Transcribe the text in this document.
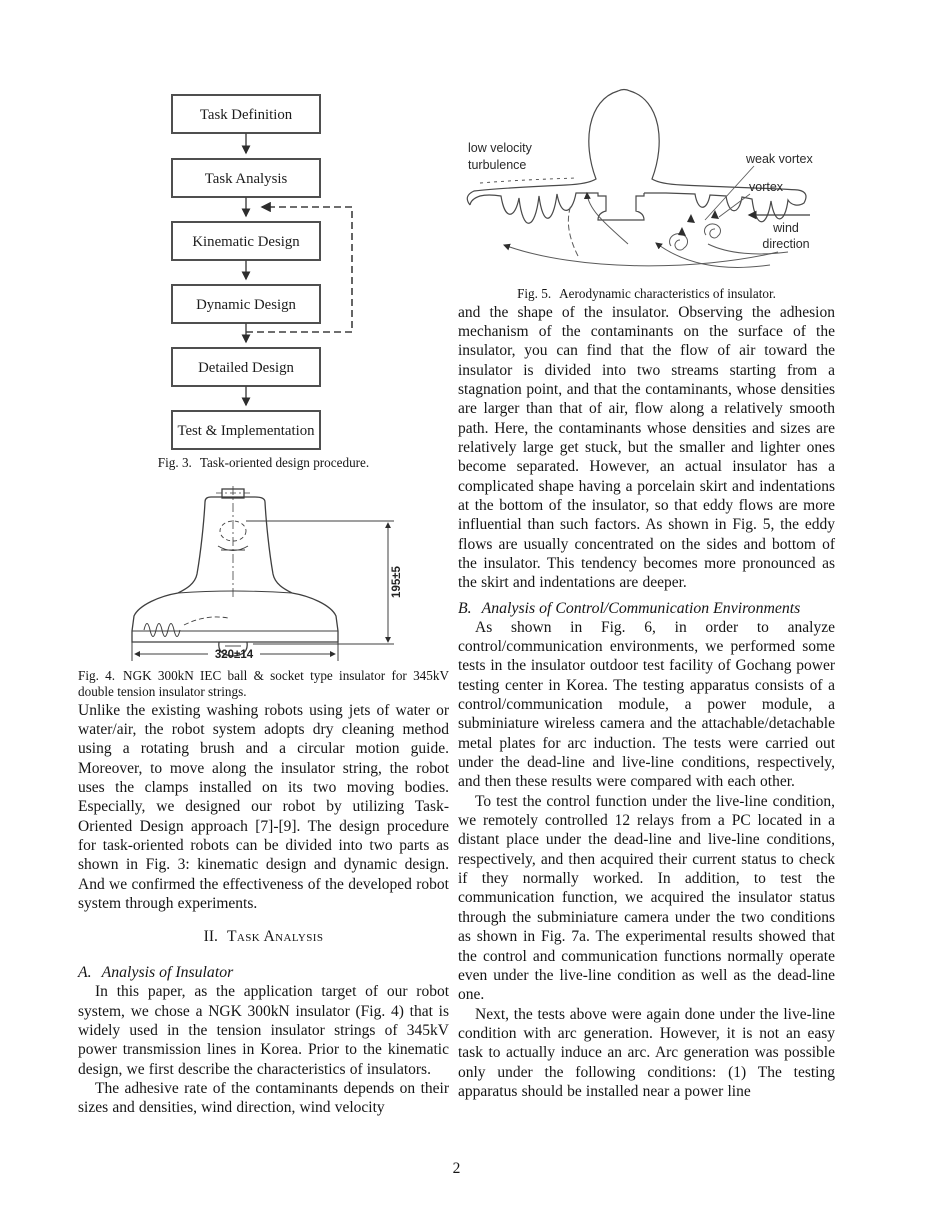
Task Definition
Task Analysis
Kinematic Design
Dynamic Design
Detailed Design
Test & Implementation
Fig. 3. Task-oriented design procedure.
195±5
320±14
Fig. 4. NGK 300kN IEC ball & socket type insulator for 345kV double tension insulator strings.

Unlike the existing washing robots using jets of water or water/air, the robot system adopts dry cleaning method using a rotating brush and a circular motion guide. Moreover, to move along the insulator string, the robot uses the clamps installed on its two moving bodies. Especially, we designed our robot by utilizing Task-Oriented Design approach [7]-[9]. The design procedure for task-oriented robots can be divided into two parts as shown in Fig. 3: kinematic design and dynamic design. And we confirmed the effectiveness of the developed robot system through experiments.

II. Task Analysis
A. Analysis of Insulator

In this paper, as the application target of our robot system, we chose a NGK 300kN insulator (Fig. 4) that is widely used in the tension insulator strings of 345kV power transmission lines in Korea. Prior to the kinematic design, we first describe the characteristics of insulators.

The adhesive rate of the contaminants depends on their sizes and densities, wind direction, wind velocity

low velocity
turbulence	weak vortex
vortex
wind
direction
Fig. 5. Aerodynamic characteristics of insulator.

and the shape of the insulator. Observing the adhesion mechanism of the contaminants on the surface of the insulator, you can find that the flow of air toward the insulator is divided into two streams starting from a stagnation point, and that the contaminants, whose densities are larger than that of air, flow along a relatively smooth path. Here, the contaminants whose densities and sizes are relatively large get stuck, but the smaller and lighter ones become separated. However, an actual insulator has a complicated shape having a porcelain skirt and indentations at the bottom of the insulator, so that eddy flows are more influential than such factors. As shown in Fig. 5, the eddy flows are usually concentrated on the sides and bottom of the insulator. This tendency becomes more pronounced as the skirt and indentations are deeper.

B. Analysis of Control/Communication Environments

As shown in Fig. 6, in order to analyze control/communication environments, we performed some tests in the insulator outdoor test facility of Gochang power testing center in Korea. The testing apparatus consists of a control/communication module, a power module, a subminiature wireless camera and the attachable/detachable metal plates for arc induction. The tests were carried out under the dead-line and live-line conditions, respectively, and then these results were compared with each other.

To test the control function under the live-line condition, we remotely controlled 12 relays from a PC located in a distant place under the dead-line and live-line conditions, respectively, and then acquired their current status to check if they normally worked. In addition, to test the communication function, we acquired the insulator status through the subminiature camera under the two conditions as shown in Fig. 7a. The experimental results showed that the control and communication functions normally operate even under the live-line condition as well as the dead-line one.

Next, the tests above were again done under the live-line condition with arc generation. However, it is not an easy task to actually induce an arc. Arc generation was possible only under the following conditions: (1) The testing apparatus should be installed near a power line

2
